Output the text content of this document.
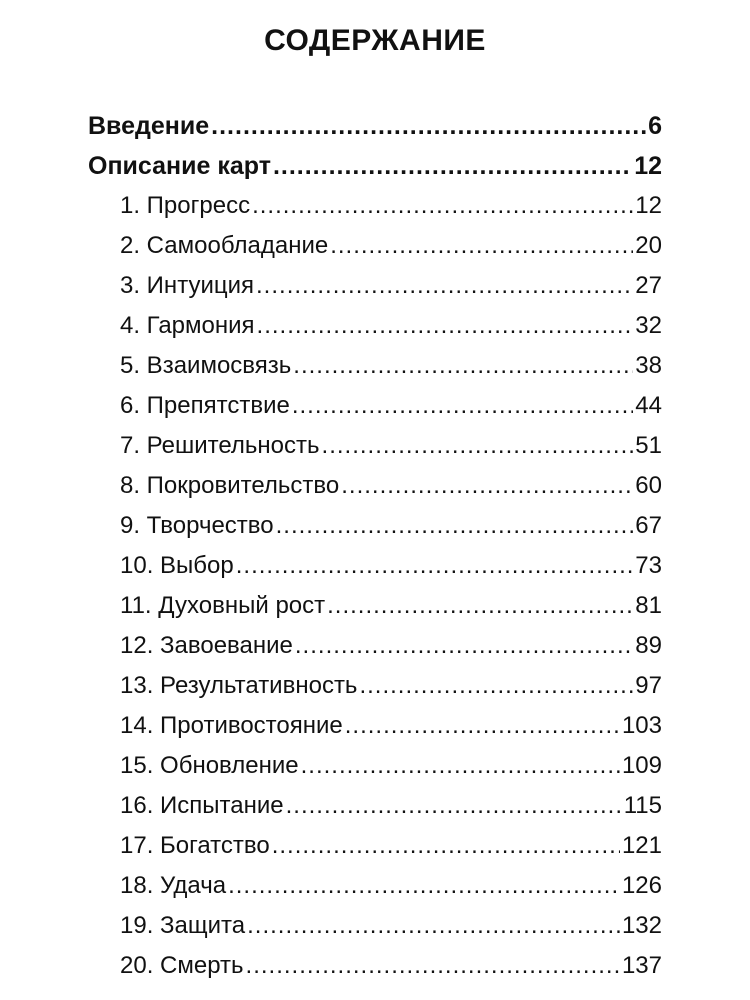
СОДЕРЖАНИЕ
Введение .....	6
Описание карт .....	12
1. Прогресс .....	12
2. Самообладание .....	20
3. Интуиция .....	27
4. Гармония .....	32
5. Взаимосвязь .....	38
6. Препятствие .....	44
7. Решительность .....	51
8. Покровительство .....	60
9. Творчество .....	67
10. Выбор .....	73
11. Духовный рост .....	81
12. Завоевание .....	89
13. Результативность .....	97
14. Противостояние .....	103
15. Обновление .....	109
16. Испытание .....	115
17. Богатство .....	121
18. Удача .....	126
19. Защита .....	132
20. Смерть .....	137
